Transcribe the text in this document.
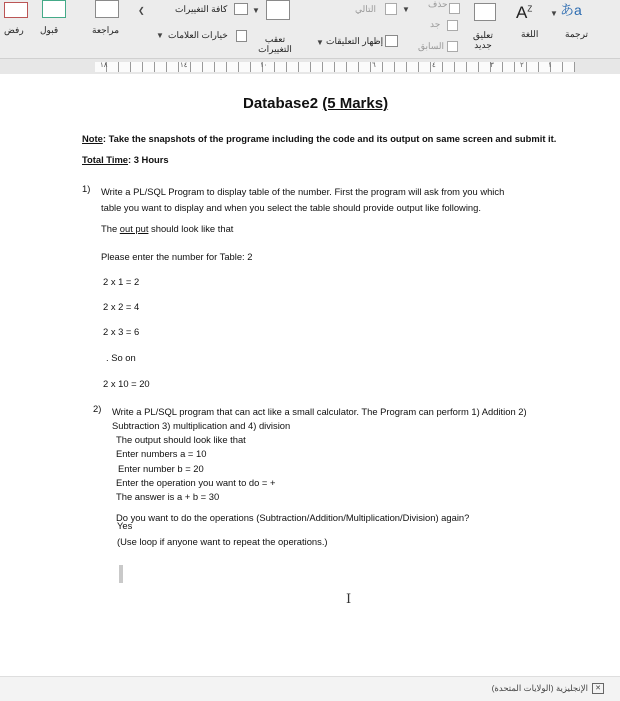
رفض قبول	مراجعة
❮	كافة التغييرات	▼
خيارات العلامات
▼	تعقب التغييرات
▼ إظهار التعليقات
التالي	▼
حذف
تعليق جديد
السابق
جد
$A^Z$
▼
اللغة
あa
ترجمة
١٨	١٤	١٠	٦	٤	٣	٢	١
Database2 (5 Marks)
Note: Take the snapshots of the programe including the code and its output on same screen and submit it.
Total Time: 3 Hours
1) Write a PL/SQL Program to display table of the number. First the program will ask from you which
table you want to display and when you select the table should provide output like following.
The out put should look like that
Please enter the number for Table: 2
2 x 1 = 2
2 x 2 = 4
2 x 3 = 6
. So on
2 x 10 = 20
2) Write a PL/SQL program that can act like a small calculator. The Program can perform 1) Addition 2)
Subtraction 3) multiplication and 4) division
The output should look like that
Enter numbers a = 10
Enter number b = 20
Enter the operation you want to do = +
The answer is a + b = 30
Do you want to do the operations (Subtraction/Addition/Multiplication/Division) again?
Yes
(Use loop if anyone want to repeat the operations.)
I
الإنجليزية (الولايات المتحدة)	✕
